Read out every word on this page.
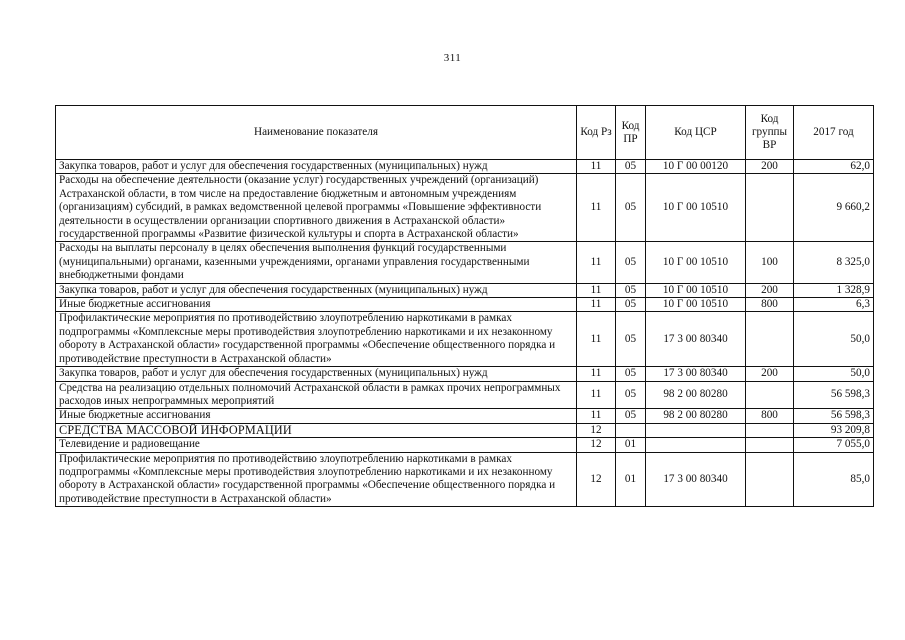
311
Наименование показателя	Код Рз	Код ПР	Код ЦСР	Код группы ВР	2017 год
Закупка товаров, работ и услуг для обеспечения государственных (муниципальных) нужд	11	05	10 Г 00 00120	200	62,0
Расходы на обеспечение деятельности (оказание услуг) государственных учреждений (организаций) Астраханской области, в том числе на предоставление бюджетным и автономным учреждениям (организациям) субсидий, в рамках ведомственной целевой программы «Повышение эффективности деятельности в осуществлении организации спортивного движения в Астраханской области» государственной программы «Развитие физической культуры и спорта в Астраханской области»	11	05	10 Г 00 10510		9 660,2
Расходы на выплаты персоналу в целях обеспечения выполнения функций государственными (муниципальными) органами, казенными учреждениями, органами управления государственными внебюджетными фондами	11	05	10 Г 00 10510	100	8 325,0
Закупка товаров, работ и услуг для обеспечения государственных (муниципальных) нужд	11	05	10 Г 00 10510	200	1 328,9
Иные бюджетные ассигнования	11	05	10 Г 00 10510	800	6,3
Профилактические мероприятия по противодействию злоупотреблению наркотиками в рамках подпрограммы «Комплексные меры противодействия злоупотреблению наркотиками и их незаконному обороту в Астраханской области» государственной программы «Обеспечение общественного порядка и противодействие преступности в Астраханской области»	11	05	17 3 00 80340		50,0
Закупка товаров, работ и услуг для обеспечения государственных (муниципальных) нужд	11	05	17 3 00 80340	200	50,0
Средства на реализацию отдельных полномочий Астраханской области в рамках прочих непрограммных расходов иных непрограммных мероприятий	11	05	98 2 00 80280		56 598,3
Иные бюджетные ассигнования	11	05	98 2 00 80280	800	56 598,3
СРЕДСТВА МАССОВОЙ ИНФОРМАЦИИ	12				93 209,8
Телевидение и радиовещание	12	01			7 055,0
Профилактические мероприятия по противодействию злоупотреблению наркотиками в рамках подпрограммы «Комплексные меры противодействия злоупотреблению наркотиками и их незаконному обороту в Астраханской области» государственной программы «Обеспечение общественного порядка и противодействие преступности в Астраханской области»	12	01	17 3 00 80340		85,0
